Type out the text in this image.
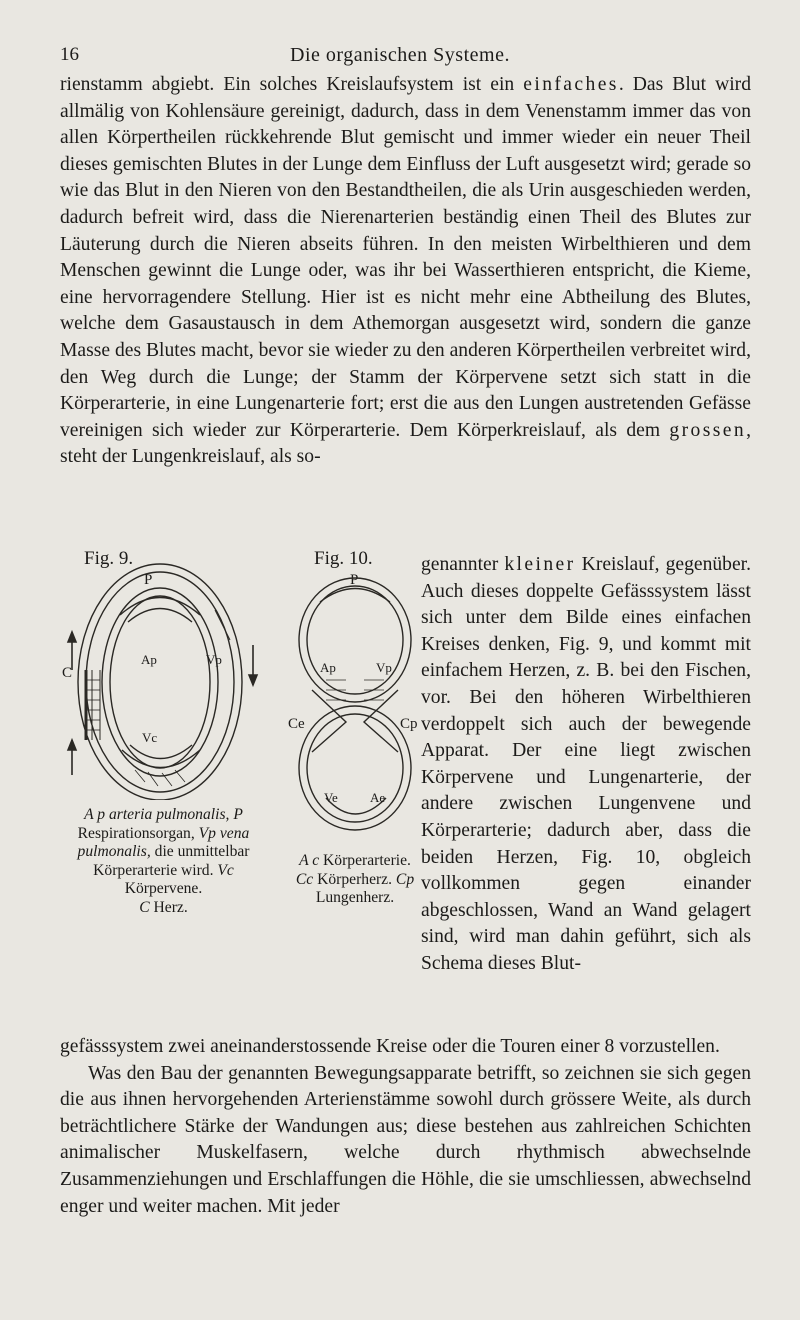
16	Die organischen Systeme.

rienstamm abgiebt. Ein solches Kreislaufsystem ist ein einfaches. Das Blut wird allmälig von Kohlensäure gereinigt, dadurch, dass in dem Venenstamm immer das von allen Körpertheilen rückkehrende Blut gemischt und immer wieder ein neuer Theil dieses gemischten Blutes in der Lunge dem Einfluss der Luft ausgesetzt wird; gerade so wie das Blut in den Nieren von den Bestandtheilen, die als Urin ausgeschieden werden, dadurch befreit wird, dass die Nierenarterien beständig einen Theil des Blutes zur Läuterung durch die Nieren abseits führen. In den meisten Wirbelthieren und dem Menschen gewinnt die Lunge oder, was ihr bei Wasserthieren entspricht, die Kieme, eine hervorragendere Stellung. Hier ist es nicht mehr eine Abtheilung des Blutes, welche dem Gasaustausch in dem Athemorgan ausgesetzt wird, sondern die ganze Masse des Blutes macht, bevor sie wieder zu den anderen Körpertheilen verbreitet wird, den Weg durch die Lunge; der Stamm der Körpervene setzt sich statt in die Körperarterie, in eine Lungenarterie fort; erst die aus den Lungen austretenden Gefässe vereinigen sich wieder zur Körperarterie. Dem Körperkreislauf, als dem grossen, steht der Lungenkreislauf, als so-

Fig. 9.
P
Ap	Vp
C
Vc
A p arteria pulmonalis, P Respirationsorgan, Vp vena pulmonalis, die unmittelbar Körperarterie wird. Vc Körpervene.
C Herz.
Fig. 10.
P
Ap	Vp
Ce	Cp
Ve Ae
A c Körperarterie.
Cc Körperherz. Cp Lungenherz.

genannter kleiner Kreislauf, gegenüber. Auch dieses doppelte Gefässsystem lässt sich unter dem Bilde eines einfachen Kreises denken, Fig. 9, und kommt mit einfachem Herzen, z. B. bei den Fischen, vor. Bei den höheren Wirbelthieren verdoppelt sich auch der bewegende Apparat. Der eine liegt zwischen Körpervene und Lungenarterie, der andere zwischen Lungenvene und Körperarterie; dadurch aber, dass die beiden Herzen, Fig. 10, obgleich vollkommen gegen einander abgeschlossen, Wand an Wand gelagert sind, wird man dahin geführt, sich als Schema dieses Blut-

gefässsystem zwei aneinanderstossende Kreise oder die Touren einer 8 vorzustellen.

Was den Bau der genannten Bewegungsapparate betrifft, so zeichnen sie sich gegen die aus ihnen hervorgehenden Arterienstämme sowohl durch grössere Weite, als durch beträchtlichere Stärke der Wandungen aus; diese bestehen aus zahlreichen Schichten animalischer Muskelfasern, welche durch rhythmisch abwechselnde Zusammenziehungen und Erschlaffungen die Höhle, die sie umschliessen, abwechselnd enger und weiter machen. Mit jeder
